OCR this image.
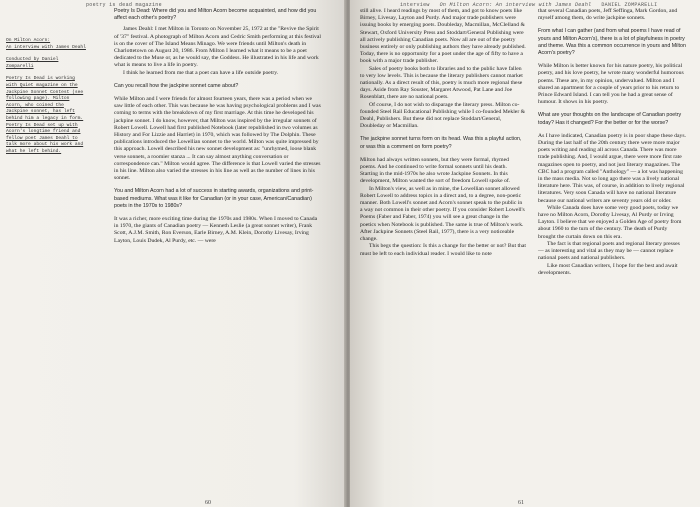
poetry is dead magazine
On Milton Acorn:
An interview with James Deahl
Conducted by Daniel Zomparelli
Poetry Is Dead is working with Quiet magazine on the Jackpine Sonnet Contest (see following page). Milton Acorn, who coined the Jackpine sonnet, has left behind him a legacy in form. Poetry Is Dead set up with Acorn's longtime friend and fellow poet James Deahl to talk more about his work and what he left behind.

Poetry Is Dead: Where did you and Milton Acorn become acquainted, and how did you affect each other's poetry?

James Deahl: I met Milton in Toronto on November 25, 1972 at the "Revive the Spirit of '37" festival. A photograph of Milton Acorn and Cedric Smith performing at this festival is on the cover of The Island Means Minago. We were friends until Milton's death in Charlottetown on August 20, 1986. From Milton I learned what it means to be a poet dedicated to the Muse or, as he would say, the Goddess. He illustrated in his life and work what is means to live a life in poetry.

I think he learned from me that a poet can have a life outside poetry.

Can you recall how the jackpine sonnet came about?

While Milton and I were friends for almost fourteen years, there was a period when we saw little of each other. This was because he was having psychological problems and I was coming to terms with the breakdown of my first marriage. At this time he developed his jackpine sonnet. I do know, however, that Milton was inspired by the irregular sonnets of Robert Lowell. Lowell had first published Notebook (later republished in two volumes as History and For Lizzie and Harriet) in 1970, which was followed by The Dolphin. These publications introduced the Lowellian sonnet to the world. Milton was quite impressed by this approach. Lowell described his new sonnet development as: "unrhymed, loose blank verse sonnets, a roomier stanza ... It can say almost anything conversation or correspondence can." Milton would agree. The difference is that Lowell varied the stresses in his line. Milton also varied the stresses in his line as well as the number of lines in his sonnet.

You and Milton Acorn had a lot of success in starting awards, organizations and print-based mediums. What was it like for Canadian (or in your case, American/Canadian) poets in the 1970s to 1980s?

It was a richer, more exciting time during the 1970s and 1980s. When I moved to Canada in 1970, the giants of Canadian poetry — Kenneth Leslie (a great sonnet writer), Frank Scott, A.J.M. Smith, Ron Everson, Earle Birney, A.M. Klein, Dorothy Livesay, Irving Layton, Louis Dudek, Al Purdy, etc. — were

60
interview On Milton Acorn: An interview with James Deahl DANIEL ZOMPARELLI

still alive. I heard readings by most of them, and got to know poets like Birney, Livesay, Layton and Purdy. And major trade publishers were issuing books by emerging poets. Doubleday, Macmillan, McClelland & Stewart, Oxford University Press and Stoddart/General Publishing were all actively publishing Canadian poets. Now all are out of the poetry business entirely or only publishing authors they have already published. Today, there is no opportunity for a poet under the age of fifty to have a book with a major trade publisher.

Sales of poetry books both to libraries and to the public have fallen to very low levels. This is because the literary publishers cannot market nationally. As a direct result of this, poetry is much more regional these days. Aside from Ray Souster, Margaret Atwood, Pat Lane and Joe Rosenblatt, there are no national poets.

Of course, I do not wish to disparage the literary press. Milton co-founded Steel Rail Educational Publishing while I co-founded Mekler & Deahl, Publishers. But these did not replace Stoddart/General, Doubleday or Macmillan.

The jackpine sonnet turns form on its head. Was this a playful action, or was this a comment on form poetry?

Milton had always written sonnets, but they were formal, rhymed poems. And he continued to write formal sonnets until his death. Starting in the mid-1970s he also wrote Jackpine Sonnets. In this development, Milton wanted the sort of freedom Lowell spoke of.

In Milton's view, as well as in mine, the Lowellian sonnet allowed Robert Lowell to address topics in a direct and, to a degree, non-poetic manner. Both Lowell's sonnet and Acorn's sonnet speak to the public in a way not common in their other poetry. If you consider Robert Lowell's Poems (Faber and Faber, 1974) you will see a great change in the poetics when Notebook is published. The same is true of Milton's work. After Jackpine Sonnets (Steel Rail, 1977), there is a very noticeable change.

This begs the question: Is this a change for the better or not? But that must be left to each individual reader. I would like to note

that several Canadian poets, Jeff Seffinga, Mark Gordon, and myself among them, do write jackpine sonnets.

From what I can gather (and from what poems I have read of yours and Milton Acorn's), there is a lot of playfulness in poetry and theme. Was this a common occurrence in yours and Milton Acorn's poetry?

While Milton is better known for his nature poetry, his political poetry, and his love poetry, he wrote many wonderful humorous poems. These are, in my opinion, undervalued. Milton and I shared an apartment for a couple of years prior to his return to Prince Edward Island. I can tell you he had a great sense of humour. It shows in his poetry.

What are your thoughts on the landscape of Canadian poetry today? Has it changed? For the better or for the worse?

As I have indicated, Canadian poetry is in poor shape these days. During the last half of the 20th century there were more major poets writing and reading all across Canada. There was more trade publishing. And, I would argue, there were more first rate magazines open to poetry, and not just literary magazines. The CBC had a program called "Anthology" — a lot was happening in the mass media. Not so long ago there was a lively national literature here. This was, of course, in addition to lively regional literatures. Very soon Canada will have no national literature because our national writers are seventy years old or older.

While Canada does have some very good poets, today we have no Milton Acorn, Dorothy Livesay, Al Purdy or Irving Layton. I believe that we enjoyed a Golden Age of poetry from about 1960 to the turn of the century. The death of Purdy brought the curtain down on this era.

The fact is that regional poets and regional literary presses — as interesting and vital as they may be — cannot replace national poets and national publishers.

Like most Canadian writers, I hope for the best and await developments.

61
